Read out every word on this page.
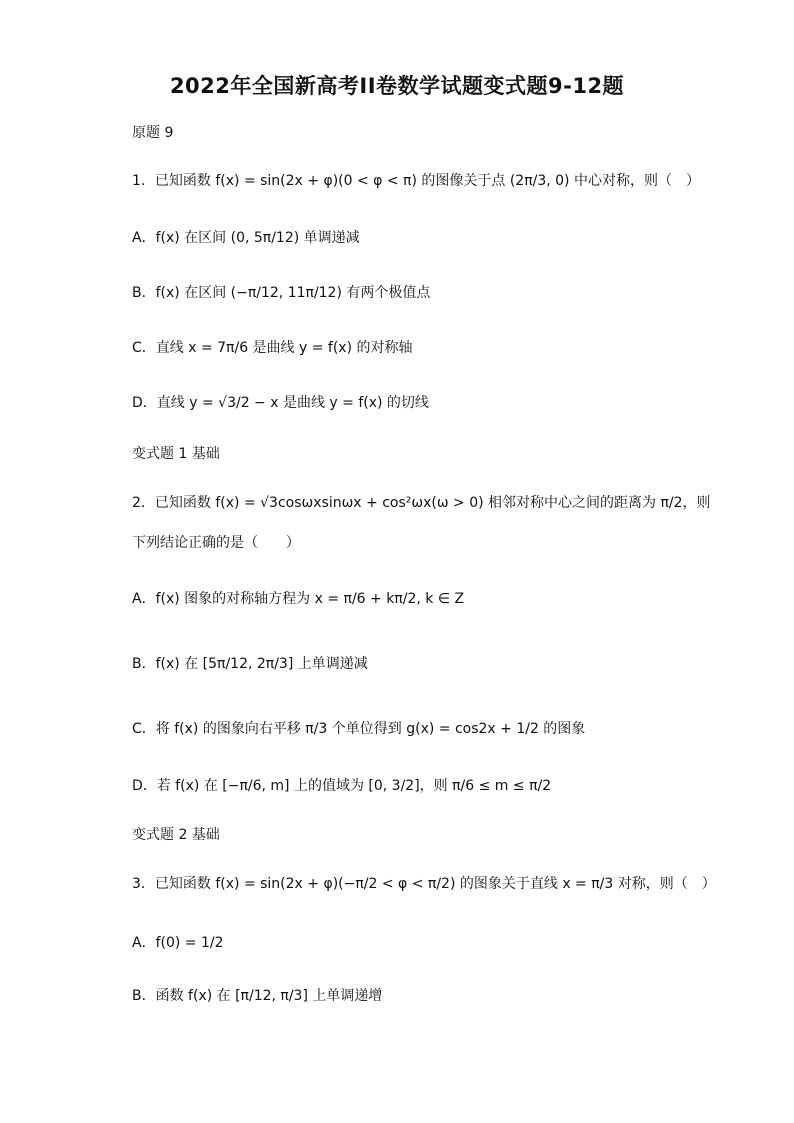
2022年全国新高考II卷数学试题变式题9-12题
原题 9
1．已知函数 f(x) = sin(2x + φ)(0 < φ < π) 的图像关于点 (2π/3, 0) 中心对称，则（　）
A．f(x) 在区间 (0, 5π/12) 单调递减
B．f(x) 在区间 (−π/12, 11π/12) 有两个极值点
C．直线 x = 7π/6 是曲线 y = f(x) 的对称轴
D．直线 y = √3/2 − x 是曲线 y = f(x) 的切线
变式题 1 基础
2．已知函数 f(x) = √3cosωxsinωx + cos²ωx(ω > 0) 相邻对称中心之间的距离为 π/2，则
下列结论正确的是（　　）
A．f(x) 图象的对称轴方程为 x = π/6 + kπ/2, k ∈ Z
B．f(x) 在 [5π/12, 2π/3] 上单调递减
C．将 f(x) 的图象向右平移 π/3 个单位得到 g(x) = cos2x + 1/2 的图象
D．若 f(x) 在 [−π/6, m] 上的值域为 [0, 3/2]，则 π/6 ≤ m ≤ π/2
变式题 2 基础
3．已知函数 f(x) = sin(2x + φ)(−π/2 < φ < π/2) 的图象关于直线 x = π/3 对称，则（　）
A．f(0) = 1/2
B．函数 f(x) 在 [π/12, π/3] 上单调递增
